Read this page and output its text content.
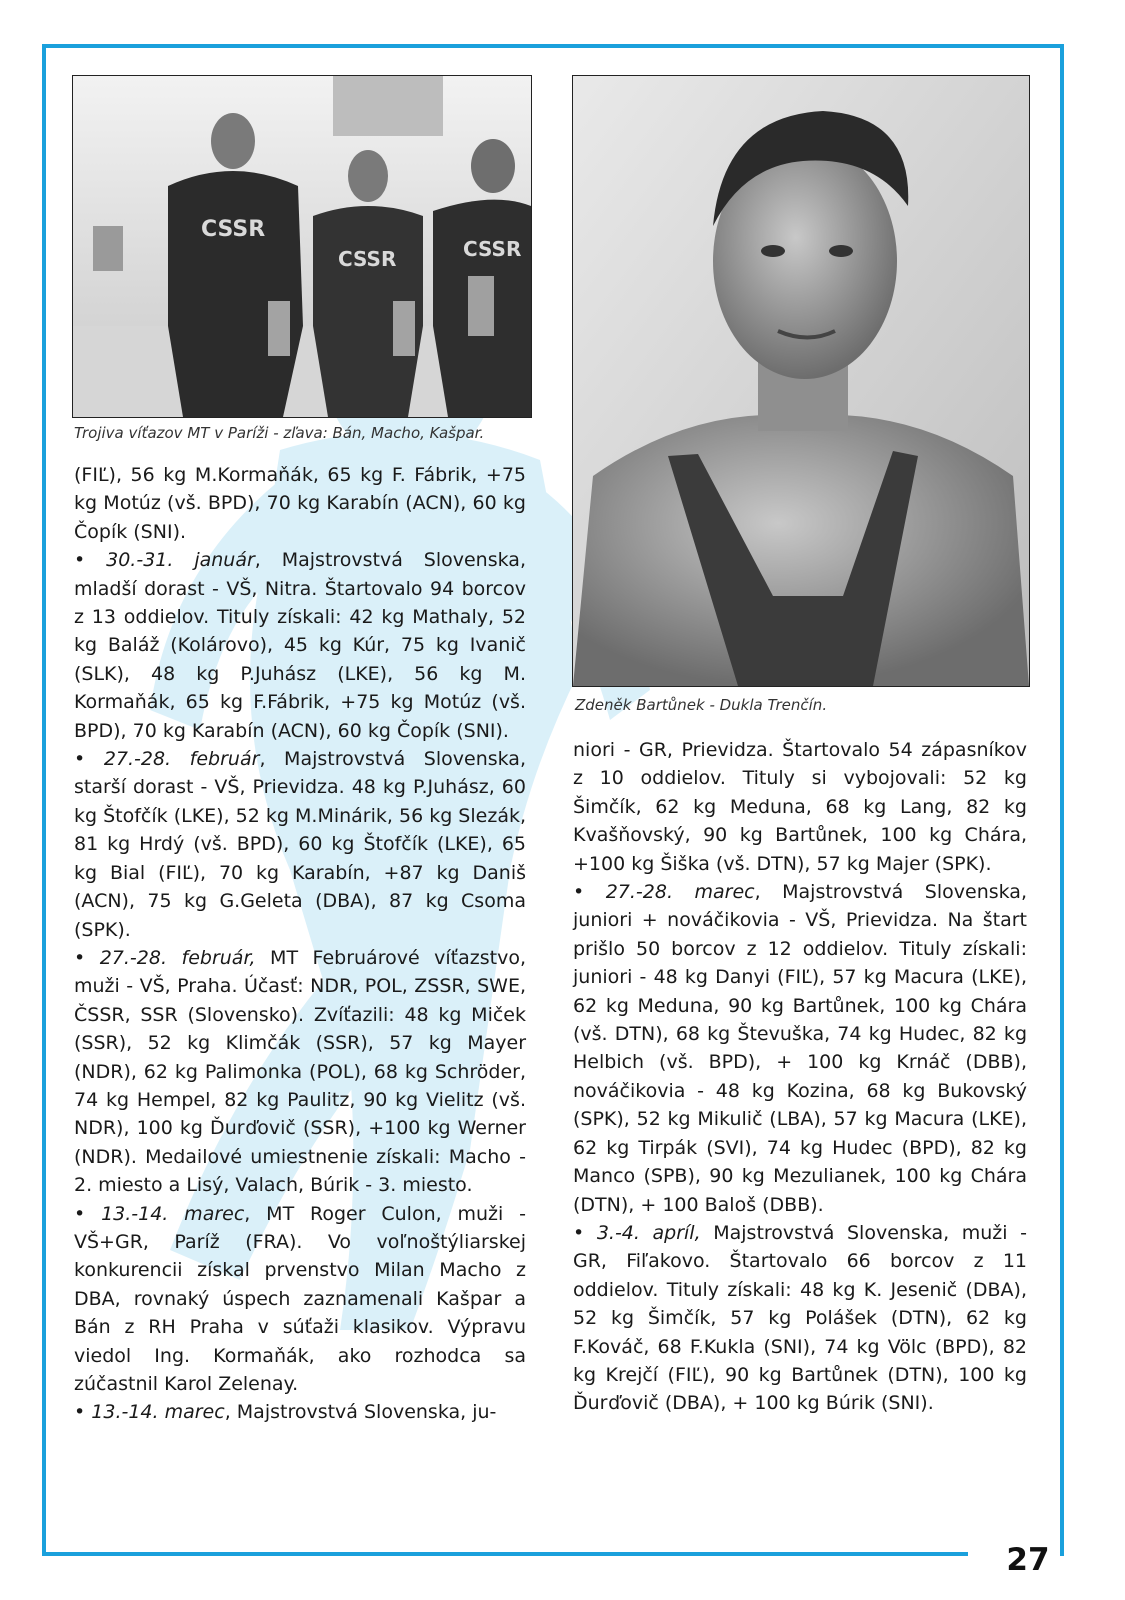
27
CSSR
CSSR	CSSR
Trojiva víťazov MT v Paríži - zľava: Bán, Macho, Kašpar.
Zdeněk Bartůnek - Dukla Trenčín.

(FIĽ), 56 kg M.Kormaňák, 65 kg F. Fábrik, +75 kg Motúz (vš. BPD), 70 kg Karabín (ACN), 60 kg Čopík (SNI).

• 30.-31. január, Majstrovstvá Slovenska, mladší dorast - VŠ, Nitra. Štartovalo 94 borcov z 13 oddielov. Tituly získali: 42 kg Mathaly, 52 kg Baláž (Kolárovo), 45 kg Kúr, 75 kg Ivanič (SLK), 48 kg P.Juhász (LKE), 56 kg M. Kormaňák, 65 kg F.Fábrik, +75 kg Motúz (vš. BPD), 70 kg Karabín (ACN), 60 kg Čopík (SNI).

• 27.-28. február, Majstrovstvá Slovenska, starší dorast - VŠ, Prievidza. 48 kg P.Juhász, 60 kg Štofčík (LKE), 52 kg M.Minárik, 56 kg Slezák, 81 kg Hrdý (vš. BPD), 60 kg Štofčík (LKE), 65 kg Bial (FIĽ), 70 kg Karabín, +87 kg Daniš (ACN), 75 kg G.Geleta (DBA), 87 kg Csoma (SPK).

• 27.-28. február, MT Februárové víťazstvo, muži - VŠ, Praha. Účasť: NDR, POL, ZSSR, SWE, ČSSR, SSR (Slovensko). Zvíťazili: 48 kg Miček (SSR), 52 kg Klimčák (SSR), 57 kg Mayer (NDR), 62 kg Palimonka (POL), 68 kg Schröder, 74 kg Hempel, 82 kg Paulitz, 90 kg Vielitz (vš. NDR), 100 kg Ďurďovič (SSR), +100 kg Werner (NDR). Medailové umiestnenie získali: Macho - 2. miesto a Lisý, Valach, Búrik - 3. miesto.

• 13.-14. marec, MT Roger Culon, muži - VŠ+GR, Paríž (FRA). Vo voľnoštýliarskej konkurencii získal prvenstvo Milan Macho z DBA, rovnaký úspech zaznamenali Kašpar a Bán z RH Praha v súťaži klasikov. Výpravu viedol Ing. Kormaňák, ako rozhodca sa zúčastnil Karol Zelenay.

• 13.-14. marec, Majstrovstvá Slovenska, ju-

niori - GR, Prievidza. Štartovalo 54 zápasníkov z 10 oddielov. Tituly si vybojovali: 52 kg Šimčík, 62 kg Meduna, 68 kg Lang, 82 kg Kvašňovský, 90 kg Bartůnek, 100 kg Chára, +100 kg Šiška (vš. DTN), 57 kg Majer (SPK).

• 27.-28. marec, Majstrovstvá Slovenska, juniori + nováčikovia - VŠ, Prievidza. Na štart prišlo 50 borcov z 12 oddielov. Tituly získali: juniori - 48 kg Danyi (FIĽ), 57 kg Macura (LKE), 62 kg Meduna, 90 kg Bartůnek, 100 kg Chára (vš. DTN), 68 kg Števuška, 74 kg Hudec, 82 kg Helbich (vš. BPD), + 100 kg Krnáč (DBB), nováčikovia - 48 kg Kozina, 68 kg Bukovský (SPK), 52 kg Mikulič (LBA), 57 kg Macura (LKE), 62 kg Tirpák (SVI), 74 kg Hudec (BPD), 82 kg Manco (SPB), 90 kg Mezulianek, 100 kg Chára (DTN), + 100 Baloš (DBB).

• 3.-4. apríl, Majstrovstvá Slovenska, muži - GR, Fiľakovo. Štartovalo 66 borcov z 11 oddielov. Tituly získali: 48 kg K. Jesenič (DBA), 52 kg Šimčík, 57 kg Polášek (DTN), 62 kg F.Kováč, 68 F.Kukla (SNI), 74 kg Völc (BPD), 82 kg Krejčí (FIĽ), 90 kg Bartůnek (DTN), 100 kg Ďurďovič (DBA), + 100 kg Búrik (SNI).
